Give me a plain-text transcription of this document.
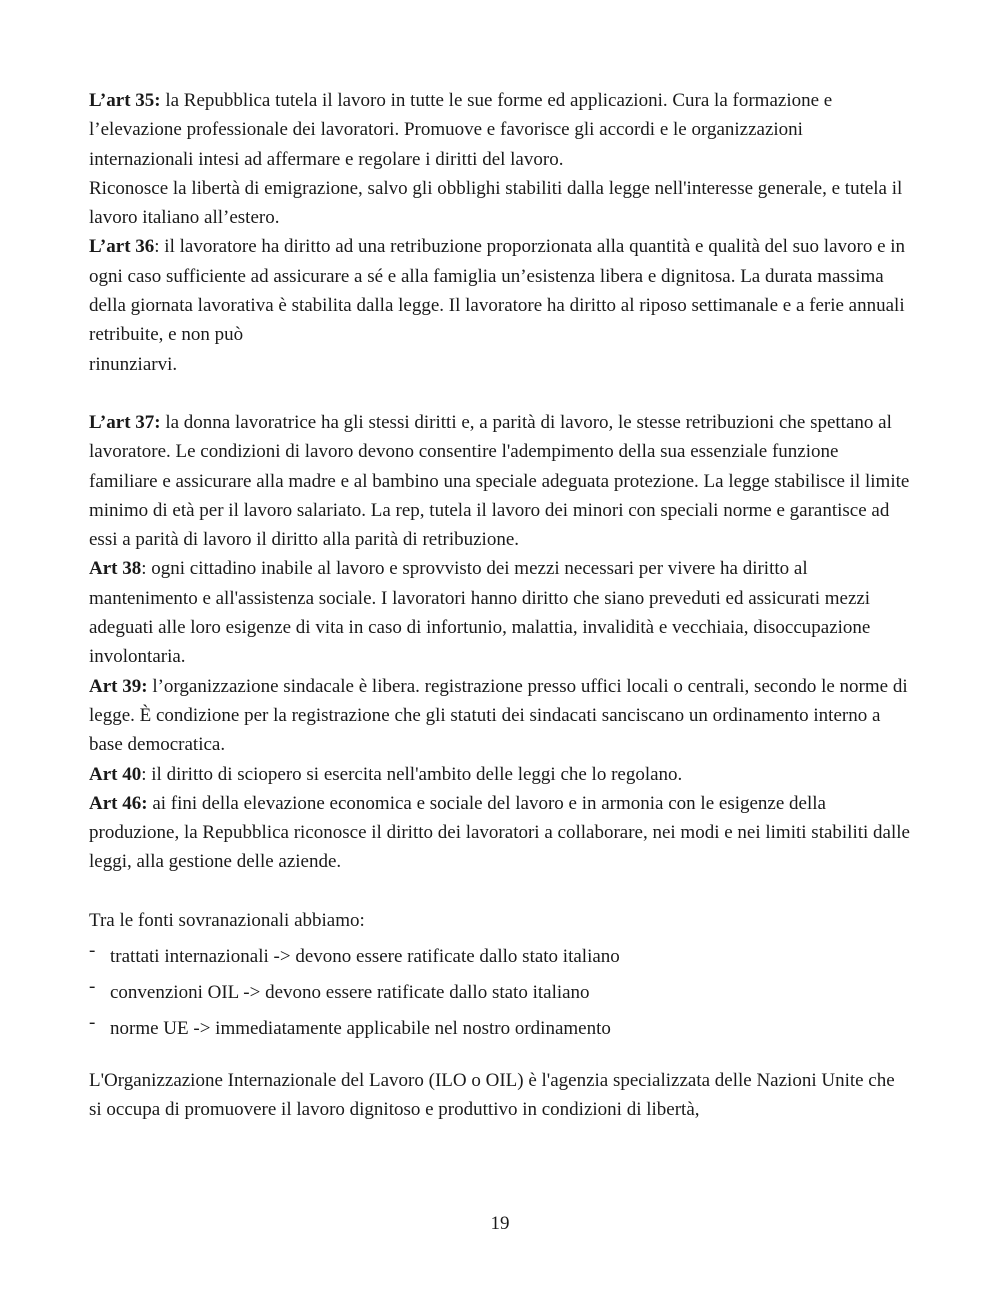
L’art 35: la Repubblica tutela il lavoro in tutte le sue forme ed applicazioni. Cura la formazione e l’elevazione professionale dei lavoratori. Promuove e favorisce gli accordi e le organizzazioni internazionali intesi ad affermare e regolare i diritti del lavoro.

Riconosce la libertà di emigrazione, salvo gli obblighi stabiliti dalla legge nell'interesse generale, e tutela il lavoro italiano all’estero.

L’art 36: il lavoratore ha diritto ad una retribuzione proporzionata alla quantità e qualità del suo lavoro e in ogni caso sufficiente ad assicurare a sé e alla famiglia un’esistenza libera e dignitosa. La durata massima della giornata lavorativa è stabilita dalla legge. Il lavoratore ha diritto al riposo settimanale e a ferie annuali retribuite, e non può

rinunziarvi.

L’art 37: la donna lavoratrice ha gli stessi diritti e, a parità di lavoro, le stesse retribuzioni che spettano al lavoratore. Le condizioni di lavoro devono consentire l'adempimento della sua essenziale funzione familiare e assicurare alla madre e al bambino una speciale adeguata protezione. La legge stabilisce il limite minimo di età per il lavoro salariato. La rep, tutela il lavoro dei minori con speciali norme e garantisce ad essi a parità di lavoro il diritto alla parità di retribuzione.

Art 38: ogni cittadino inabile al lavoro e sprovvisto dei mezzi necessari per vivere ha diritto al mantenimento e all'assistenza sociale. I lavoratori hanno diritto che siano preveduti ed assicurati mezzi adeguati alle loro esigenze di vita in caso di infortunio, malattia, invalidità e vecchiaia, disoccupazione involontaria.

Art 39: l’organizzazione sindacale è libera. registrazione presso uffici locali o centrali, secondo le norme di legge. È condizione per la registrazione che gli statuti dei sindacati sanciscano un ordinamento interno a base democratica.

Art 40: il diritto di sciopero si esercita nell'ambito delle leggi che lo regolano.

Art 46: ai fini della elevazione economica e sociale del lavoro e in armonia con le esigenze della produzione, la Repubblica riconosce il diritto dei lavoratori a collaborare, nei modi e nei limiti stabiliti dalle leggi, alla gestione delle aziende.

Tra le fonti sovranazionali abbiamo:

- trattati internazionali -> devono essere ratificate dallo stato italiano
- convenzioni OIL -> devono essere ratificate dallo stato italiano
- norme UE -> immediatamente applicabile nel nostro ordinamento

L'Organizzazione Internazionale del Lavoro (ILO o OIL) è l'agenzia specializzata delle Nazioni Unite che si occupa di promuovere il lavoro dignitoso e produttivo in condizioni di libertà,

19
